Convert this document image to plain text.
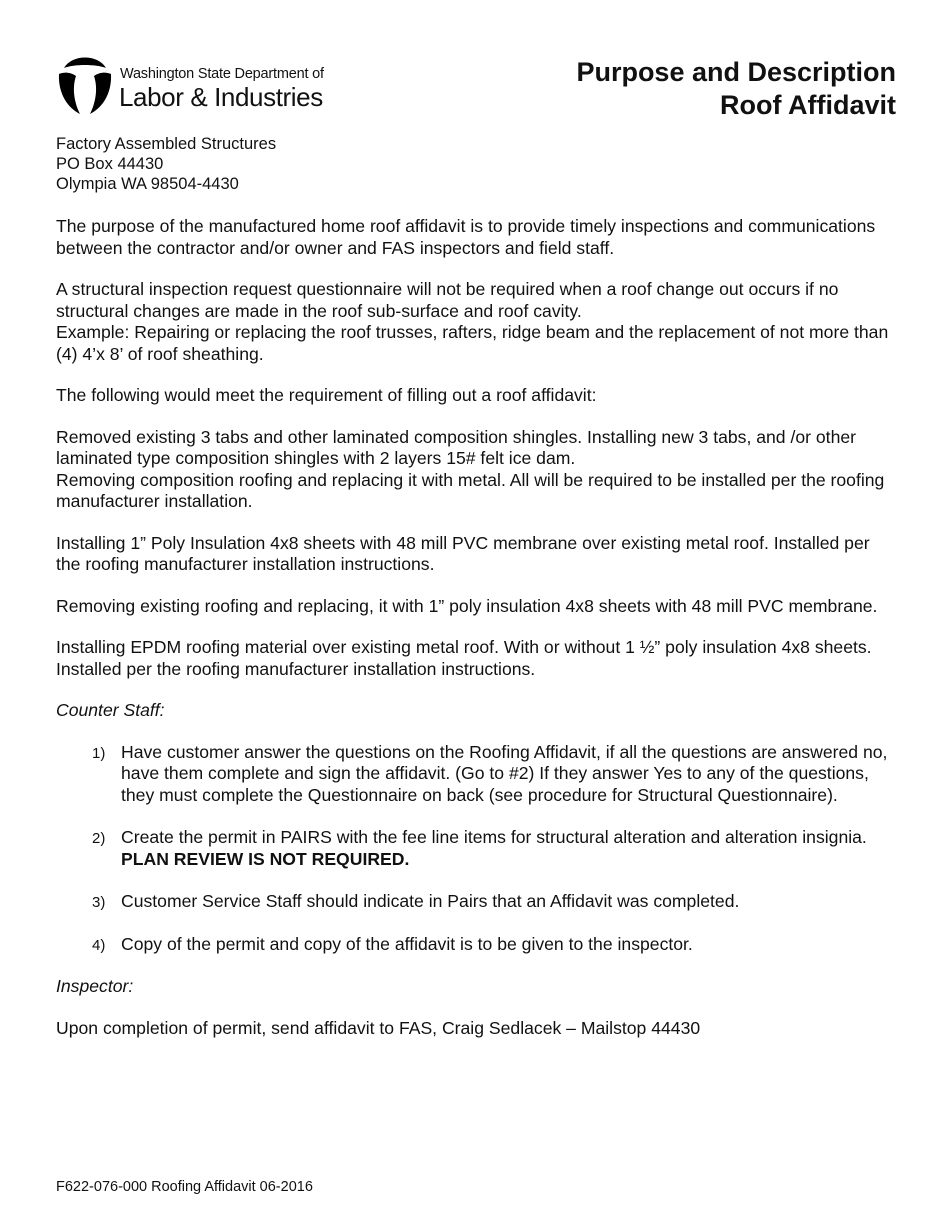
Washington State Department of
Labor & Industries
Purpose and Description
Roof Affidavit
Factory Assembled Structures
PO Box 44430
Olympia WA 98504-4430

The purpose of the manufactured home roof affidavit is to provide timely inspections and communications between the contractor and/or owner and FAS inspectors and field staff.

A structural inspection request questionnaire will not be required when a roof change out occurs if no structural changes are made in the roof sub-surface and roof cavity.

Example: Repairing or replacing the roof trusses, rafters, ridge beam and the replacement of not more than (4) 4’x 8’ of roof sheathing.

The following would meet the requirement of filling out a roof affidavit:

Removed existing 3 tabs and other laminated composition shingles. Installing new 3 tabs, and /or other laminated type composition shingles with 2 layers 15# felt ice dam.

Removing composition roofing and replacing it with metal. All will be required to be installed per the roofing manufacturer installation.

Installing 1” Poly Insulation 4x8 sheets with 48 mill PVC membrane over existing metal roof. Installed per the roofing manufacturer installation instructions.

Removing existing roofing and replacing, it with 1” poly insulation 4x8 sheets with 48 mill PVC membrane.

Installing EPDM roofing material over existing metal roof. With or without 1 ½” poly insulation 4x8 sheets. Installed per the roofing manufacturer installation instructions.

Counter Staff:
1) Have customer answer the questions on the Roofing Affidavit, if all the questions are answered no, have them complete and sign the affidavit. (Go to #2) If they answer Yes to any of the questions, they must complete the Questionnaire on back (see procedure for Structural Questionnaire).
2) Create the permit in PAIRS with the fee line items for structural alteration and alteration insignia. PLAN REVIEW IS NOT REQUIRED.
3) Customer Service Staff should indicate in Pairs that an Affidavit was completed.
4) Copy of the permit and copy of the affidavit is to be given to the inspector.
Inspector:

Upon completion of permit, send affidavit to FAS, Craig Sedlacek – Mailstop 44430

F622-076-000 Roofing Affidavit 06-2016
